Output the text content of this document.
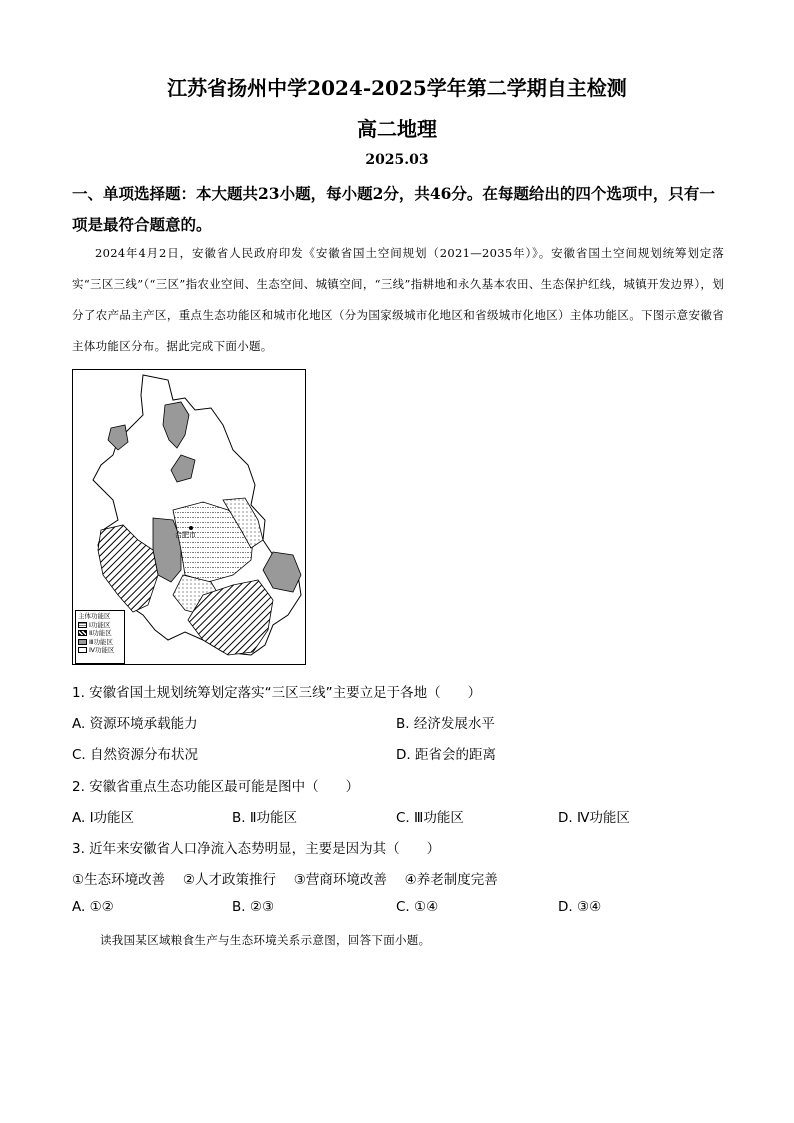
江苏省扬州中学2024-2025学年第二学期自主检测
高二地理
2025.03
一、单项选择题：本大题共23小题，每小题2分，共46分。在每题给出的四个选项中，只有一项是最符合题意的。
2024年4月2日，安徽省人民政府印发《安徽省国土空间规划（2021—2035年）》。安徽省国土空间规划统筹划定落实“三区三线”（“三区”指农业空间、生态空间、城镇空间，“三线”指耕地和永久基本农田、生态保护红线，城镇开发边界），划分了农产品主产区，重点生态功能区和城市化地区（分为国家级城市化地区和省级城市化地区）主体功能区。下图示意安徽省主体功能区分布。据此完成下面小题。
合肥市
主体功能区
Ⅰ功能区
Ⅱ功能区
Ⅲ功能区
Ⅳ功能区
1. 安徽省国土规划统筹划定落实“三区三线”主要立足于各地（　　）
A. 资源环境承载能力	B. 经济发展水平
C. 自然资源分布状况	D. 距省会的距离
2. 安徽省重点生态功能区最可能是图中（　　）
A. Ⅰ功能区	B. Ⅱ功能区	C. Ⅲ功能区	D. Ⅳ功能区
3. 近年来安徽省人口净流入态势明显，主要是因为其（　　）
①生态环境改善　 ②人才政策推行　 ③营商环境改善　 ④养老制度完善
A. ①②	B. ②③	C. ①④	D. ③④
读我国某区域粮食生产与生态环境关系示意图，回答下面小题。
